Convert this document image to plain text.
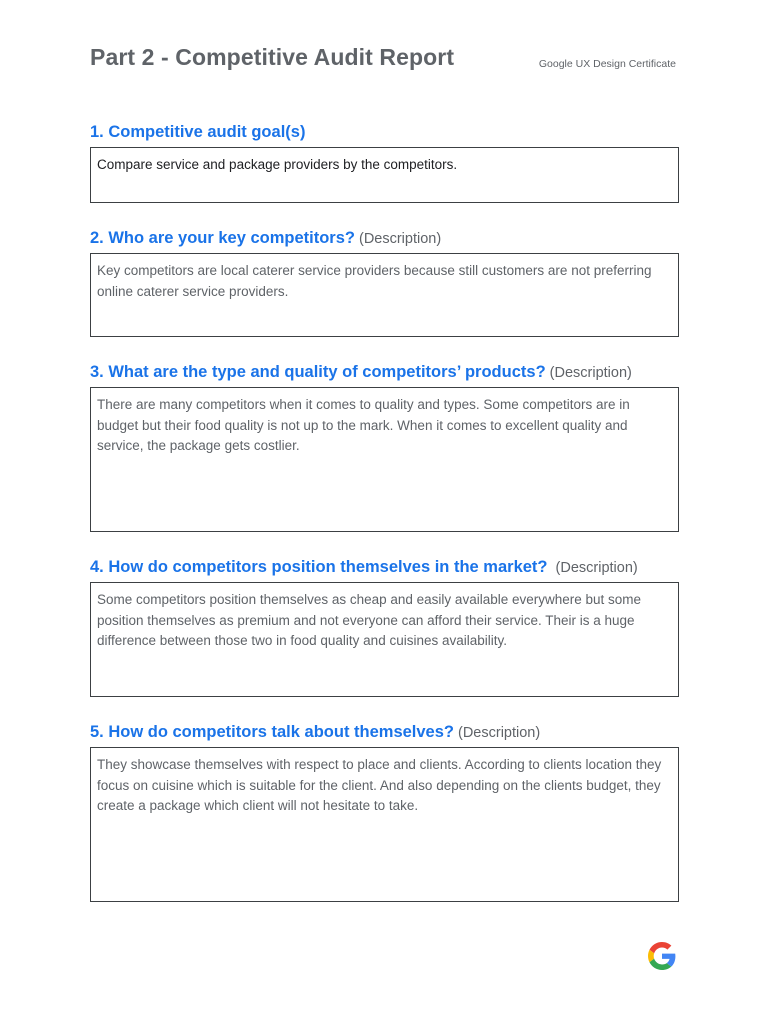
Part 2 - Competitive Audit Report	Google UX Design Certificate
1. Competitive audit goal(s)
Compare service and package providers by the competitors.
2. Who are your key competitors? (Description)
Key competitors are local caterer service providers because still customers are not preferring online caterer service providers.
3. What are the type and quality of competitors’ products? (Description)
There are many competitors when it comes to quality and types. Some competitors are in budget but their food quality is not up to the mark. When it comes to excellent quality and service, the package gets costlier.
4. How do competitors position themselves in the market? (Description)
Some competitors position themselves as cheap and easily available everywhere but some position themselves as premium and not everyone can afford their service. Their is a huge difference between those two in food quality and cuisines availability.
5. How do competitors talk about themselves? (Description)
They showcase themselves with respect to place and clients. According to clients location they focus on cuisine which is suitable for the client. And also depending on the clients budget, they create a package which client will not hesitate to take.
